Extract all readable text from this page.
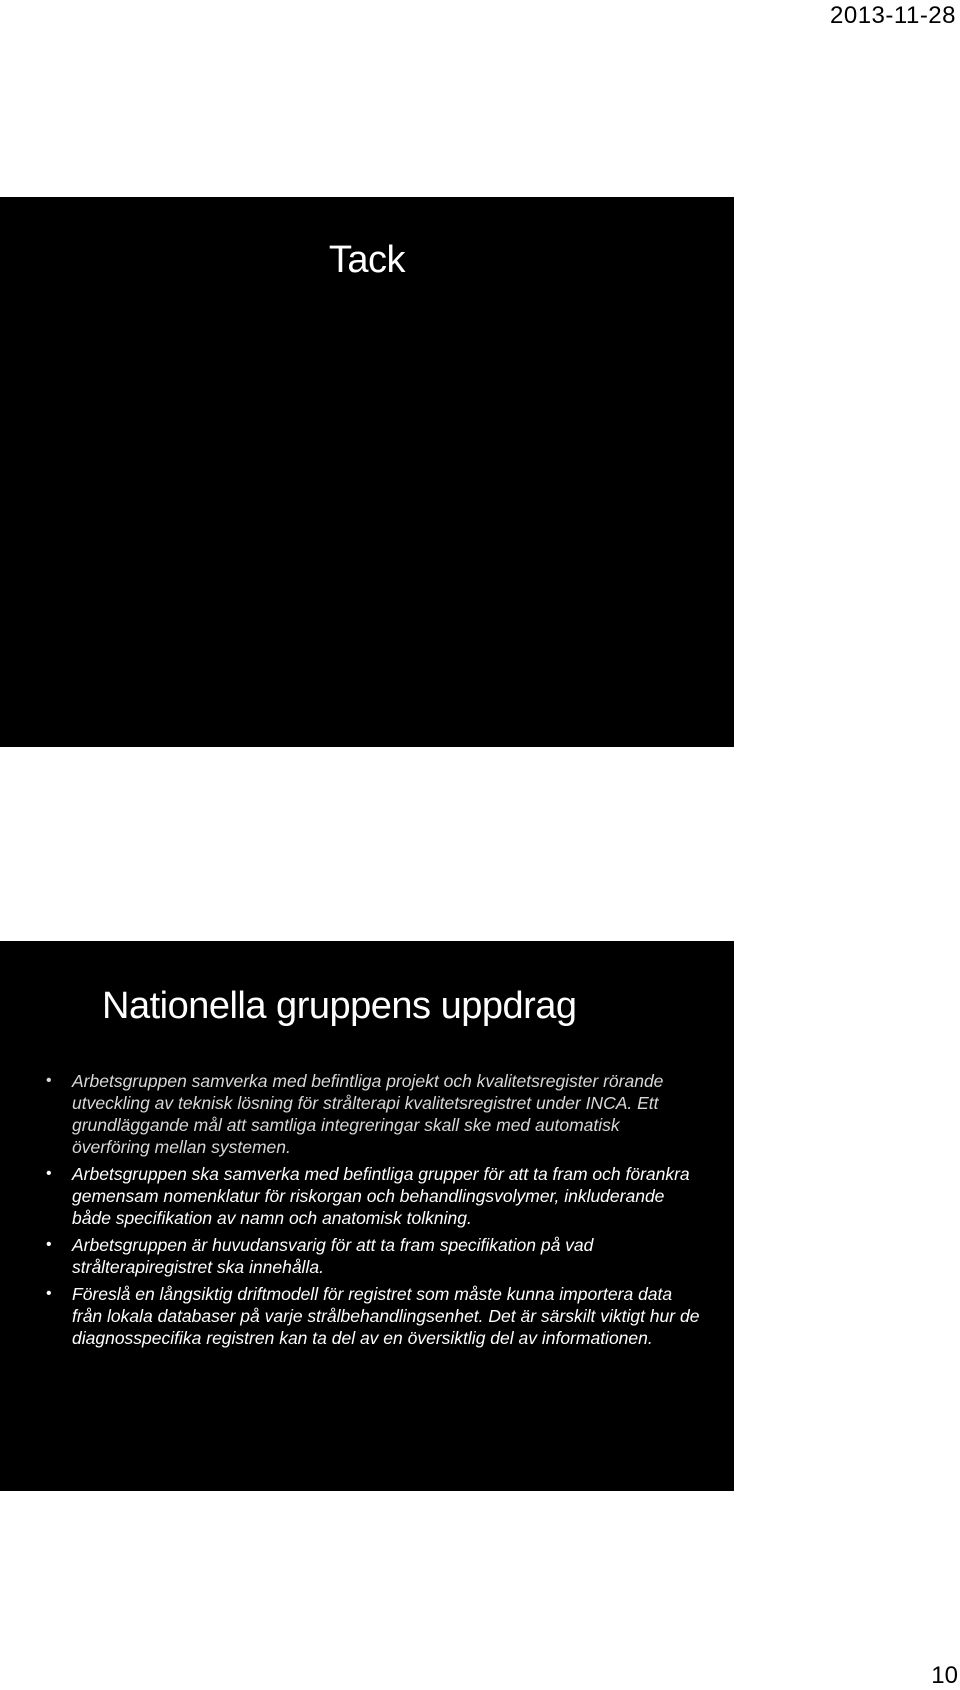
2013-11-28
Tack
Nationella gruppens uppdrag
• Arbetsgruppen samverka med befintliga projekt och kvalitetsregister rörande utveckling av teknisk lösning för strålterapi kvalitetsregistret under INCA. Ett grundläggande mål att samtliga integreringar skall ske med automatisk överföring mellan systemen.
• Arbetsgruppen ska samverka med befintliga grupper för att ta fram och förankra gemensam nomenklatur för riskorgan och behandlingsvolymer, inkluderande både specifikation av namn och anatomisk tolkning.
• Arbetsgruppen är huvudansvarig för att ta fram specifikation på vad strålterapiregistret ska innehålla.
• Föreslå en långsiktig driftmodell för registret som måste kunna importera data från lokala databaser på varje strålbehandlingsenhet. Det är särskilt viktigt hur de diagnosspecifika registren kan ta del av en översiktlig del av informationen.
10
